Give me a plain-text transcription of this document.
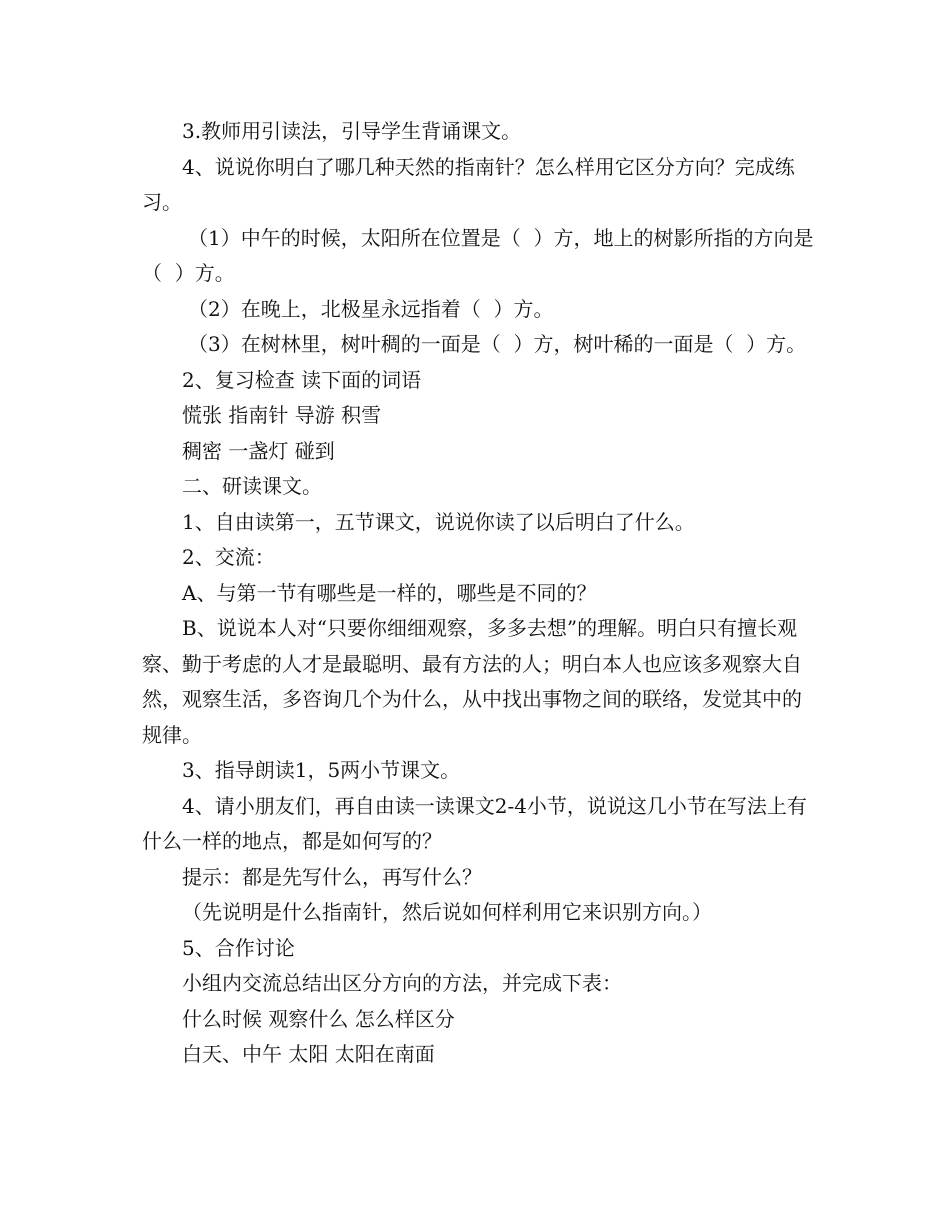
3.教师用引读法，引导学生背诵课文。

4、说说你明白了哪几种天然的指南针？怎么样用它区分方向？完成练习。

（1）中午的时候，太阳所在位置是（  ）方，地上的树影所指的方向是（  ）方。

（2）在晚上，北极星永远指着（  ）方。

（3）在树林里，树叶稠的一面是（  ）方，树叶稀的一面是（  ）方。

2、复习检查 读下面的词语

慌张 指南针 导游 积雪

稠密 一盏灯 碰到

二、研读课文。

1、自由读第一，五节课文，说说你读了以后明白了什么。

2、交流：

A、与第一节有哪些是一样的，哪些是不同的？

B、说说本人对“只要你细细观察，多多去想”的理解。明白只有擅长观察、勤于考虑的人才是最聪明、最有方法的人；明白本人也应该多观察大自然，观察生活，多咨询几个为什么，从中找出事物之间的联络，发觉其中的规律。

3、指导朗读1，5两小节课文。

4、请小朋友们，再自由读一读课文2-4小节，说说这几小节在写法上有什么一样的地点，都是如何写的？

提示：都是先写什么，再写什么？

（先说明是什么指南针，然后说如何样利用它来识别方向。）

5、合作讨论

小组内交流总结出区分方向的方法，并完成下表：

什么时候 观察什么 怎么样区分

白天、中午 太阳 太阳在南面
